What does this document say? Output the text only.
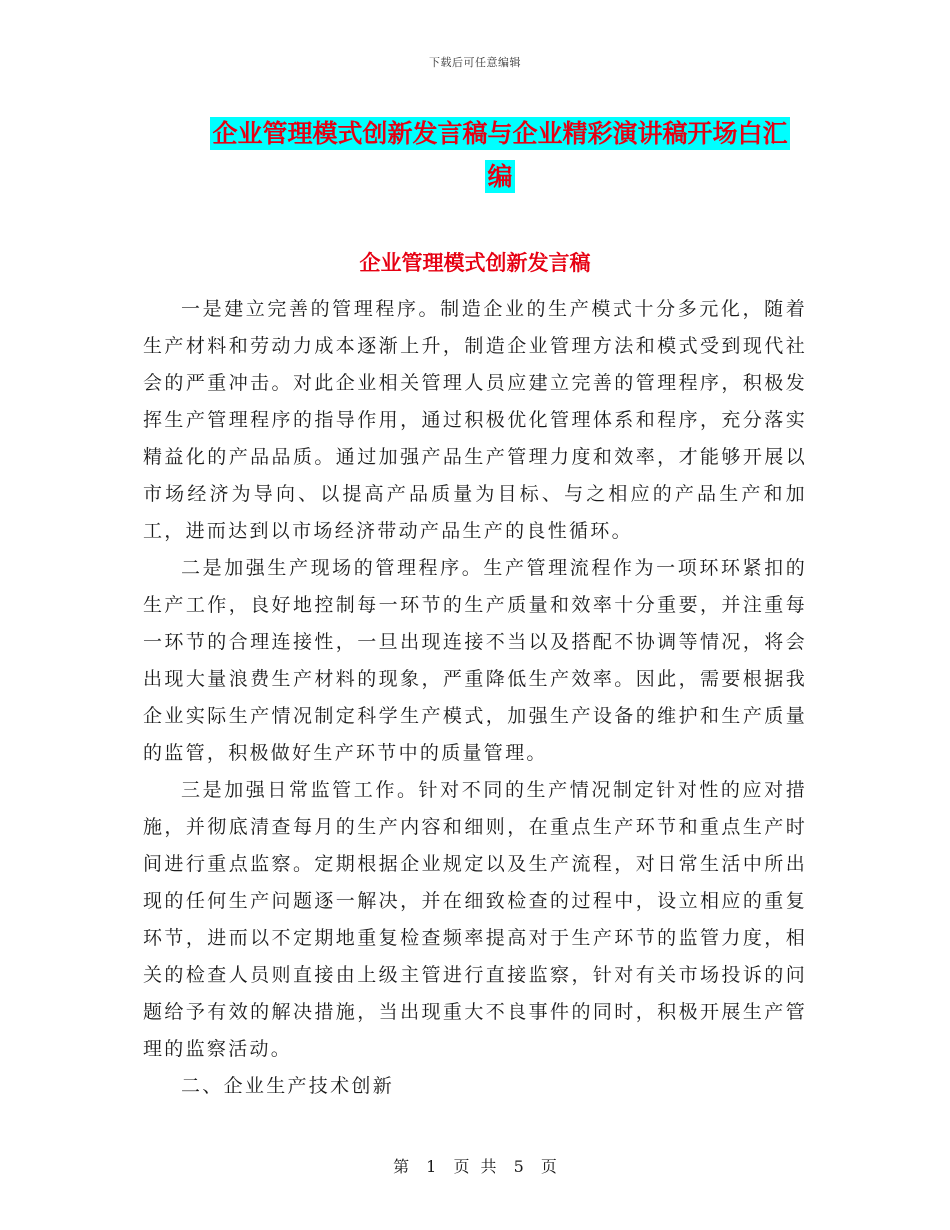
下载后可任意编辑
企业管理模式创新发言稿与企业精彩演讲稿开场白汇
编
企业管理模式创新发言稿

一是建立完善的管理程序。制造企业的生产模式十分多元化，随着生产材料和劳动力成本逐渐上升，制造企业管理方法和模式受到现代社会的严重冲击。对此企业相关管理人员应建立完善的管理程序，积极发挥生产管理程序的指导作用，通过积极优化管理体系和程序，充分落实精益化的产品品质。通过加强产品生产管理力度和效率，才能够开展以市场经济为导向、以提高产品质量为目标、与之相应的产品生产和加工，进而达到以市场经济带动产品生产的良性循环。

二是加强生产现场的管理程序。生产管理流程作为一项环环紧扣的生产工作，良好地控制每一环节的生产质量和效率十分重要，并注重每一环节的合理连接性，一旦出现连接不当以及搭配不协调等情况，将会出现大量浪费生产材料的现象，严重降低生产效率。因此，需要根据我企业实际生产情况制定科学生产模式，加强生产设备的维护和生产质量的监管，积极做好生产环节中的质量管理。

三是加强日常监管工作。针对不同的生产情况制定针对性的应对措施，并彻底清查每月的生产内容和细则，在重点生产环节和重点生产时间进行重点监察。定期根据企业规定以及生产流程，对日常生活中所出现的任何生产问题逐一解决，并在细致检查的过程中，设立相应的重复环节，进而以不定期地重复检查频率提高对于生产环节的监管力度，相关的检查人员则直接由上级主管进行直接监察，针对有关市场投诉的问题给予有效的解决措施，当出现重大不良事件的同时，积极开展生产管理的监察活动。

二、企业生产技术创新

第 1 页 共 5 页
